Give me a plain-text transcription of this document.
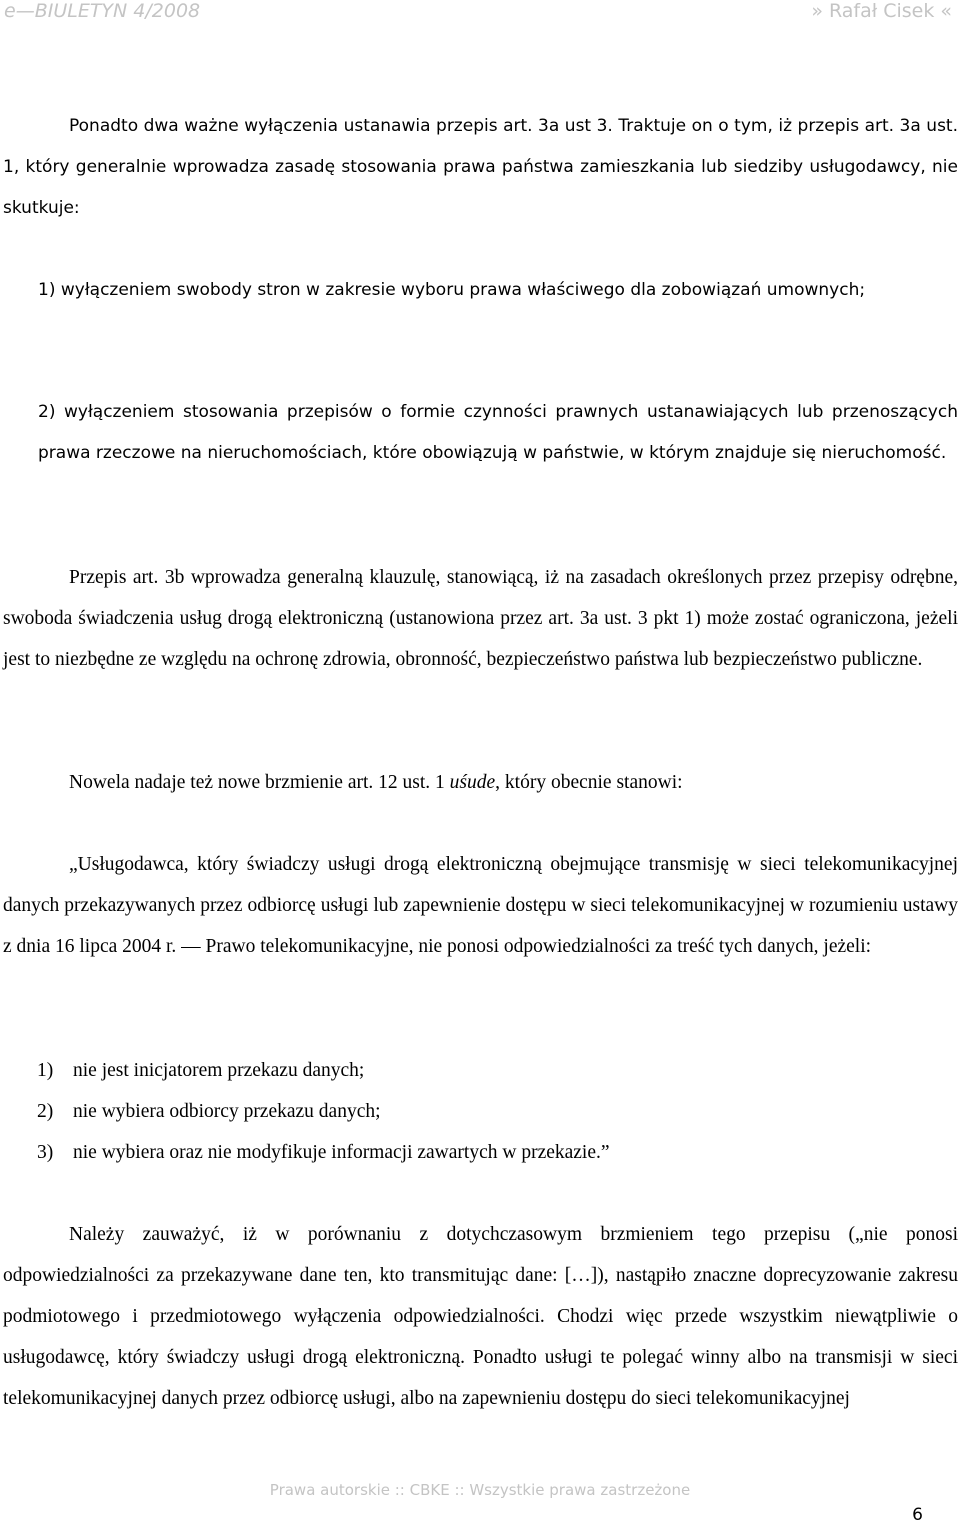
e—BIULETYN 4/2008	» Rafał Cisek «

Ponadto dwa ważne wyłączenia ustanawia przepis art. 3a ust 3. Traktuje on o tym, iż przepis art. 3a ust. 1, który generalnie wprowadza zasadę stosowania prawa państwa zamieszkania lub siedziby usługodawcy, nie skutkuje:

1) wyłączeniem swobody stron w zakresie wyboru prawa właściwego dla zobowiązań umownych;

2) wyłączeniem stosowania przepisów o formie czynności prawnych ustanawiających lub przenoszących prawa rzeczowe na nieruchomościach, które obowiązują w państwie, w którym znajduje się nieruchomość.

Przepis art. 3b wprowadza generalną klauzulę, stanowiącą, iż na zasadach określonych przez przepisy odrębne, swoboda świadczenia usług drogą elektroniczną (ustanowiona przez art. 3a ust. 3 pkt 1) może zostać ograniczona, jeżeli jest to niezbędne ze względu na ochronę zdrowia, obronność, bezpieczeństwo państwa lub bezpieczeństwo publiczne.

Nowela nadaje też nowe brzmienie art. 12 ust. 1 uśude, który obecnie stanowi:

„Usługodawca, który świadczy usługi drogą elektroniczną obejmujące transmisję w sieci telekomunikacyjnej danych przekazywanych przez odbiorcę usługi lub zapewnienie dostępu w sieci telekomunikacyjnej w rozumieniu ustawy z dnia 16 lipca 2004 r. — Prawo telekomunikacyjne, nie ponosi odpowiedzialności za treść tych danych, jeżeli:

1) nie jest inicjatorem przekazu danych;

2) nie wybiera odbiorcy przekazu danych;

3) nie wybiera oraz nie modyfikuje informacji zawartych w przekazie.”

Należy zauważyć, iż w porównaniu z dotychczasowym brzmieniem tego przepisu („nie ponosi odpowiedzialności za przekazywane dane ten, kto transmitując dane: […]), nastąpiło znaczne doprecyzowanie zakresu podmiotowego i przedmiotowego wyłączenia odpowiedzialności. Chodzi więc przede wszystkim niewątpliwie o usługodawcę, który świadczy usługi drogą elektroniczną. Ponadto usługi te polegać winny albo na transmisji w sieci telekomunikacyjnej danych przez odbiorcę usługi, albo na zapewnieniu dostępu do sieci telekomunikacyjnej

Prawa autorskie :: CBKE :: Wszystkie prawa zastrzeżone
6
